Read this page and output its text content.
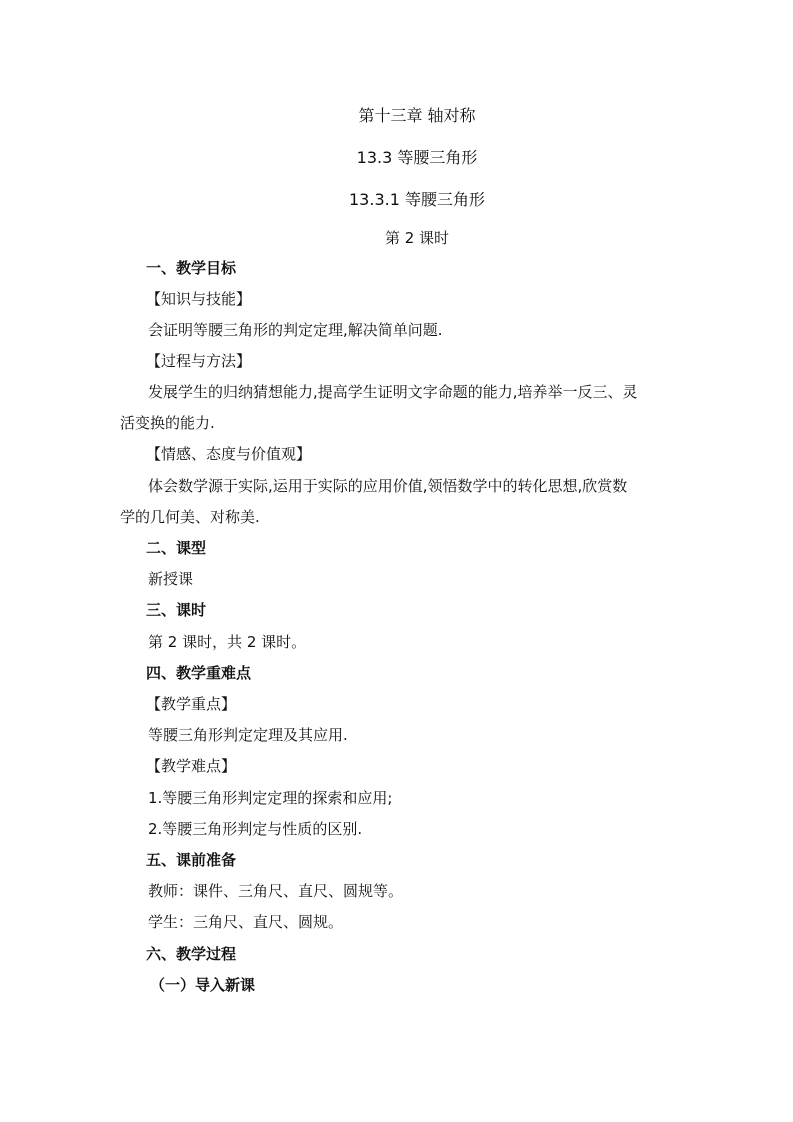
第十三章 轴对称
13.3 等腰三角形
13.3.1 等腰三角形
第 2 课时
一、教学目标
【知识与技能】
会证明等腰三角形的判定定理,解决简单问题.
【过程与方法】
发展学生的归纳猜想能力,提高学生证明文字命题的能力,培养举一反三、灵
活变换的能力.
【情感、态度与价值观】
体会数学源于实际,运用于实际的应用价值,领悟数学中的转化思想,欣赏数
学的几何美、对称美.
二、课型
新授课
三、课时
第 2 课时，共 2 课时。
四、教学重难点
【教学重点】
等腰三角形判定定理及其应用.
【教学难点】
1.等腰三角形判定定理的探索和应用;
2.等腰三角形判定与性质的区别.
五、课前准备
教师：课件、三角尺、直尺、圆规等。
学生：三角尺、直尺、圆规。
六、教学过程
（一）导入新课
